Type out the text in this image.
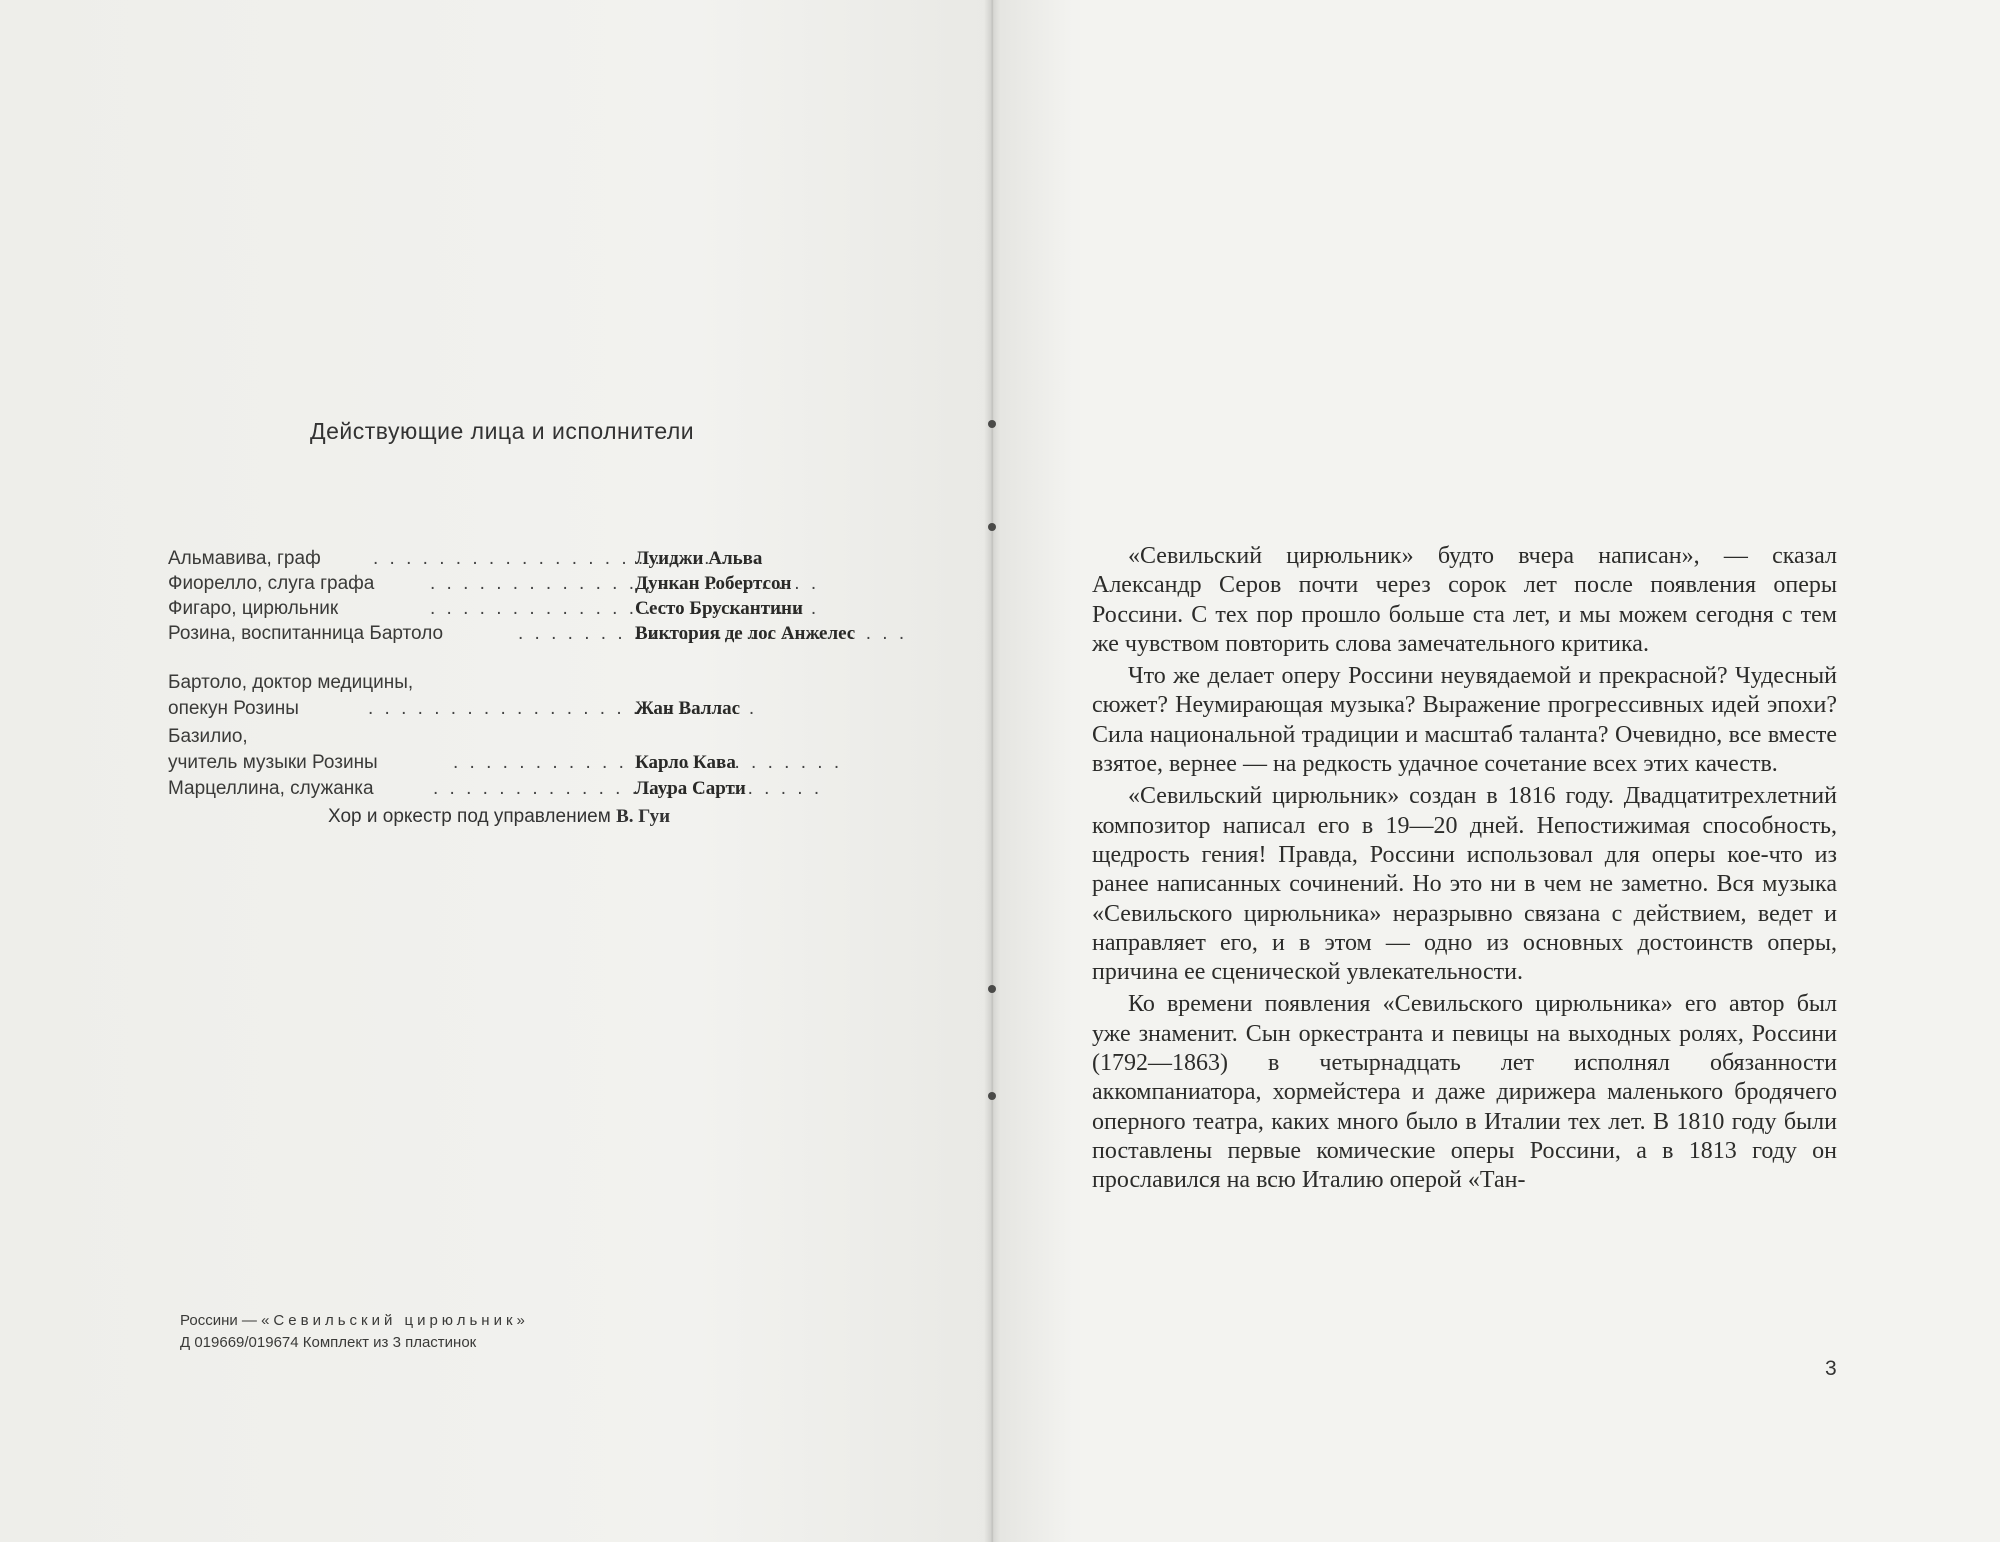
Действующие лица и исполнители
Альмавива, граф . . .	Луиджи Альва
Фиорелло, слуга графа . . .	Дункан Робертсон
Фигаро, цирюльник . . .	Сесто Брускантини
Розина, воспитанница Бартоло . . .	Виктория де лос Анжелес
Бартоло, доктор медицины,
опекун Розины . . .	Жан Валлас
Базилио,
учитель музыки Розины . . .	Карло Кава
Марцеллина, служанка . . .	Лаура Сарти
Хор и оркестр под управлением В. Гуи
Россини — «Севильский цирюльник»
Д 019669/019674 Комплект из 3 пластинок

«Севильский цирюльник» будто вчера написан», — сказал Александр Серов почти через сорок лет после появления оперы Россини. С тех пор прошло больше ста лет, и мы можем сегодня с тем же чувством повторить слова замечательного критика.

Что же делает оперу Россини неувядаемой и прекрасной? Чудесный сюжет? Неумирающая музыка? Выражение прогрессивных идей эпохи? Сила национальной традиции и масштаб таланта? Очевидно, все вместе взятое, вернее — на редкость удачное сочетание всех этих качеств.

«Севильский цирюльник» создан в 1816 году. Двадцатитрехлетний композитор написал его в 19—20 дней. Непостижимая способность, щедрость гения! Правда, Россини использовал для оперы кое-что из ранее написанных сочинений. Но это ни в чем не заметно. Вся музыка «Севильского цирюльника» неразрывно связана с действием, ведет и направляет его, и в этом — одно из основных достоинств оперы, причина ее сценической увлекательности.

Ко времени появления «Севильского цирюльника» его автор был уже знаменит. Сын оркестранта и певицы на выходных ролях, Россини (1792—1863) в четырнадцать лет исполнял обязанности аккомпаниатора, хормейстера и даже дирижера маленького бродячего оперного театра, каких много было в Италии тех лет. В 1810 году были поставлены первые комические оперы Россини, а в 1813 году он прославился на всю Италию оперой «Тан-

3
